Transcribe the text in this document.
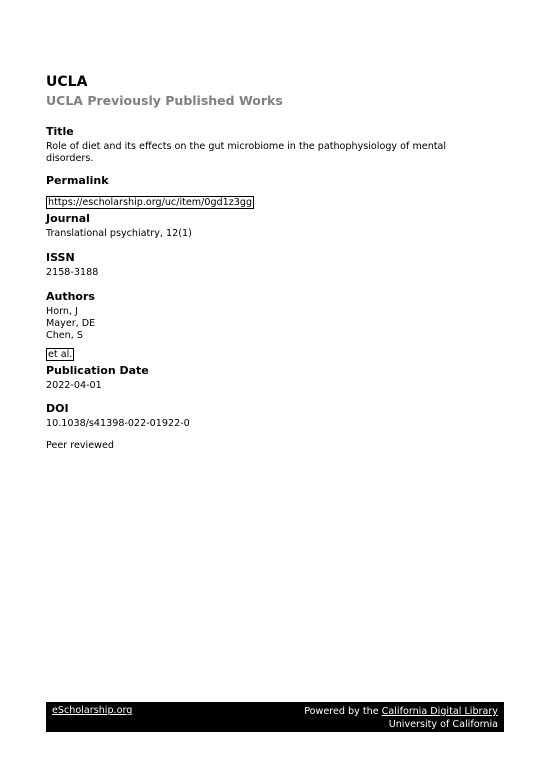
UCLA
UCLA Previously Published Works
Title
Role of diet and its effects on the gut microbiome in the pathophysiology of mental disorders.
Permalink
https://escholarship.org/uc/item/0gd1z3gg
Journal
Translational psychiatry, 12(1)
ISSN
2158-3188
Authors
Horn, J
Mayer, DE
Chen, S
et al.
Publication Date
2022-04-01
DOI
10.1038/s41398-022-01922-0
Peer reviewed
eScholarship.org	Powered by the California Digital Library
University of California
